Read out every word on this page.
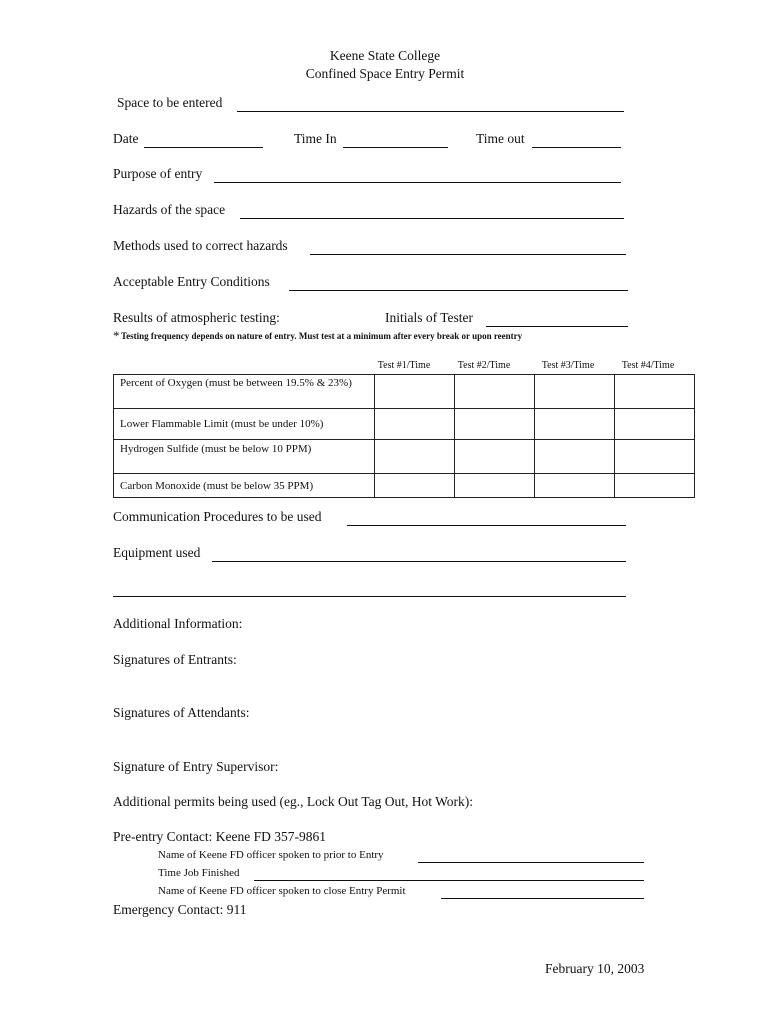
Keene State College
Confined Space Entry Permit
Space to be entered
Date	Time In	Time out
Purpose of entry
Hazards of the space
Methods used to correct hazards
Acceptable Entry Conditions
Results of atmospheric testing:	Initials of Tester
* Testing frequency depends on nature of entry. Must test at a minimum after every break or upon reentry
Test #1/Time	Test #2/Time	Test #3/Time	Test #4/Time
Percent of Oxygen (must be between 19.5% & 23%)				
Lower Flammable Limit (must be under 10%)				
Hydrogen Sulfide (must be below 10 PPM)				
Carbon Monoxide (must be below 35 PPM)				
Communication Procedures to be used
Equipment used
Additional Information:
Signatures of Entrants:
Signatures of Attendants:
Signature of Entry Supervisor:
Additional permits being used (eg., Lock Out Tag Out, Hot Work):
Pre-entry Contact: Keene FD 357-9861
Name of Keene FD officer spoken to prior to Entry
Time Job Finished
Name of Keene FD officer spoken to close Entry Permit
Emergency Contact: 911
February 10, 2003
